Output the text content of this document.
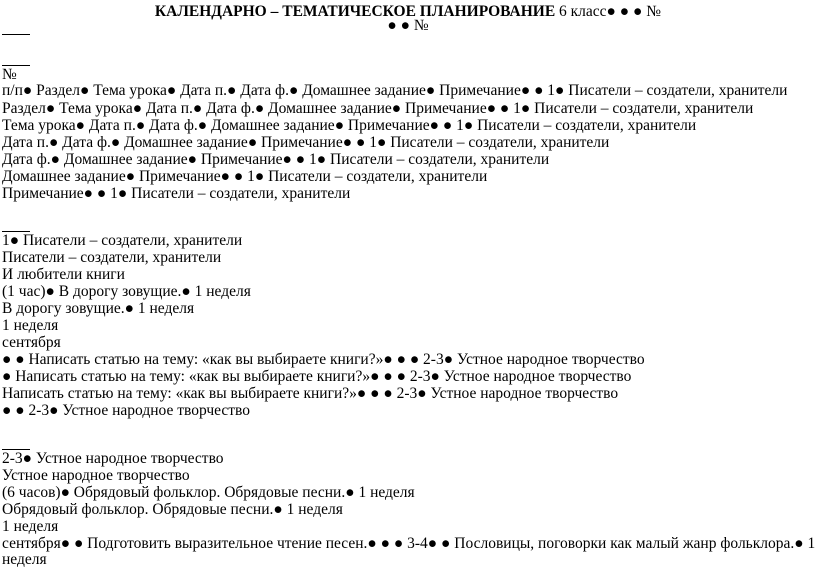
КАЛЕНДАРНО – ТЕМАТИЧЕСКОЕ ПЛАНИРОВАНИЕ 6 класс● ● ● №
● ● №
№
п/п● Раздел● Тема урока● Дата п.● Дата ф.● Домашнее задание● Примечание● ● 1● Писатели – создатели, хранители
Раздел● Тема урока● Дата п.● Дата ф.● Домашнее задание● Примечание● ● 1● Писатели – создатели, хранители
Тема урока● Дата п.● Дата ф.● Домашнее задание● Примечание● ● 1● Писатели – создатели, хранители
Дата п.● Дата ф.● Домашнее задание● Примечание● ● 1● Писатели – создатели, хранители
Дата ф.● Домашнее задание● Примечание● ● 1● Писатели – создатели, хранители
Домашнее задание● Примечание● ● 1● Писатели – создатели, хранители
Примечание● ● 1● Писатели – создатели, хранители
1● Писатели – создатели, хранители
Писатели – создатели, хранители
И любители книги
(1 час)● В дорогу зовущие.● 1 неделя
В дорогу зовущие.● 1 неделя
1 неделя
сентября
● ● Написать статью на тему: «как вы выбираете книги?»● ● ● 2-3● Устное народное творчество
● Написать статью на тему: «как вы выбираете книги?»● ● ● 2-3● Устное народное творчество
Написать статью на тему: «как вы выбираете книги?»● ● ● 2-3● Устное народное творчество
● ● 2-3● Устное народное творчество
2-3● Устное народное творчество
Устное народное творчество
(6 часов)● Обрядовый фольклор. Обрядовые песни.● 1 неделя
Обрядовый фольклор. Обрядовые песни.● 1 неделя
1 неделя
сентября● ● Подготовить выразительное чтение песен.● ● ● 3-4● ● Пословицы, поговорки как малый жанр фольклора.● 1
неделя
